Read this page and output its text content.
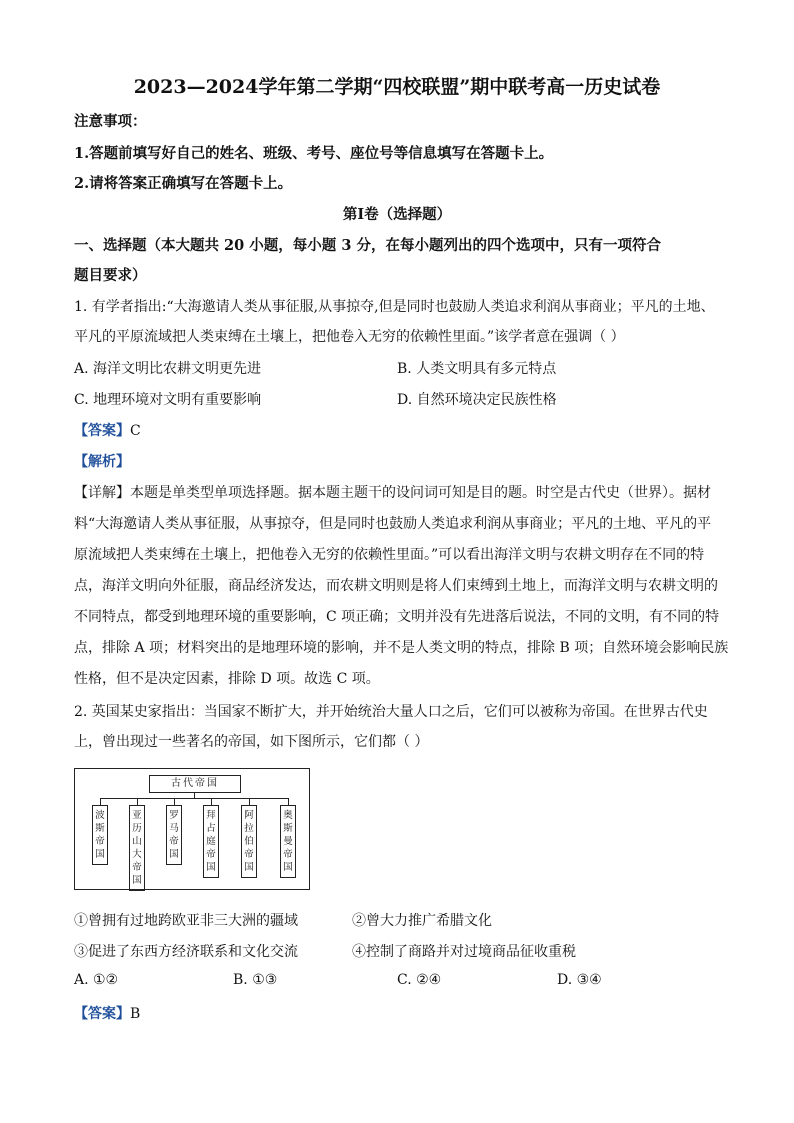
2023—2024学年第二学期“四校联盟”期中联考高一历史试卷
注意事项：
1.答题前填写好自己的姓名、班级、考号、座位号等信息填写在答题卡上。
2.请将答案正确填写在答题卡上。
第Ⅰ卷（选择题）
一、选择题（本大题共 20 小题，每小题 3 分，在每小题列出的四个选项中，只有一项符合
题目要求）
1. 有学者指出:“大海邀请人类从事征服,从事掠夺,但是同时也鼓励人类追求利润从事商业；平凡的土地、
平凡的平原流域把人类束缚在土壤上，把他卷入无穷的依赖性里面。”该学者意在强调（ ）
A. 海洋文明比农耕文明更先进	B. 人类文明具有多元特点
C. 地理环境对文明有重要影响	D. 自然环境决定民族性格
【答案】C
【解析】
【详解】本题是单类型单项选择题。据本题主题干的设问词可知是目的题。时空是古代史（世界）。据材
料“大海邀请人类从事征服，从事掠夺，但是同时也鼓励人类追求利润从事商业；平凡的土地、平凡的平
原流域把人类束缚在土壤上，把他卷入无穷的依赖性里面。”可以看出海洋文明与农耕文明存在不同的特
点，海洋文明向外征服，商品经济发达，而农耕文明则是将人们束缚到土地上，而海洋文明与农耕文明的
不同特点，都受到地理环境的重要影响，C 项正确；文明并没有先进落后说法，不同的文明，有不同的特
点，排除 A 项；材料突出的是地理环境的影响，并不是人类文明的特点，排除 B 项；自然环境会影响民族
性格，但不是决定因素，排除 D 项。故选 C 项。
2. 英国某史家指出：当国家不断扩大，并开始统治大量人口之后，它们可以被称为帝国。在世界古代史
上，曾出现过一些著名的帝国，如下图所示，它们都（ ）
古代帝国
波
斯
帝
国
亚
历
山
大
帝
国
罗
马
帝
国
拜
占
庭
帝
国
阿
拉
伯
帝
国
奥
斯
曼
帝
国
①曾拥有过地跨欧亚非三大洲的疆域	②曾大力推广希腊文化
③促进了东西方经济联系和文化交流	④控制了商路并对过境商品征收重税
A. ①②	B. ①③	C. ②④	D. ③④
【答案】B
